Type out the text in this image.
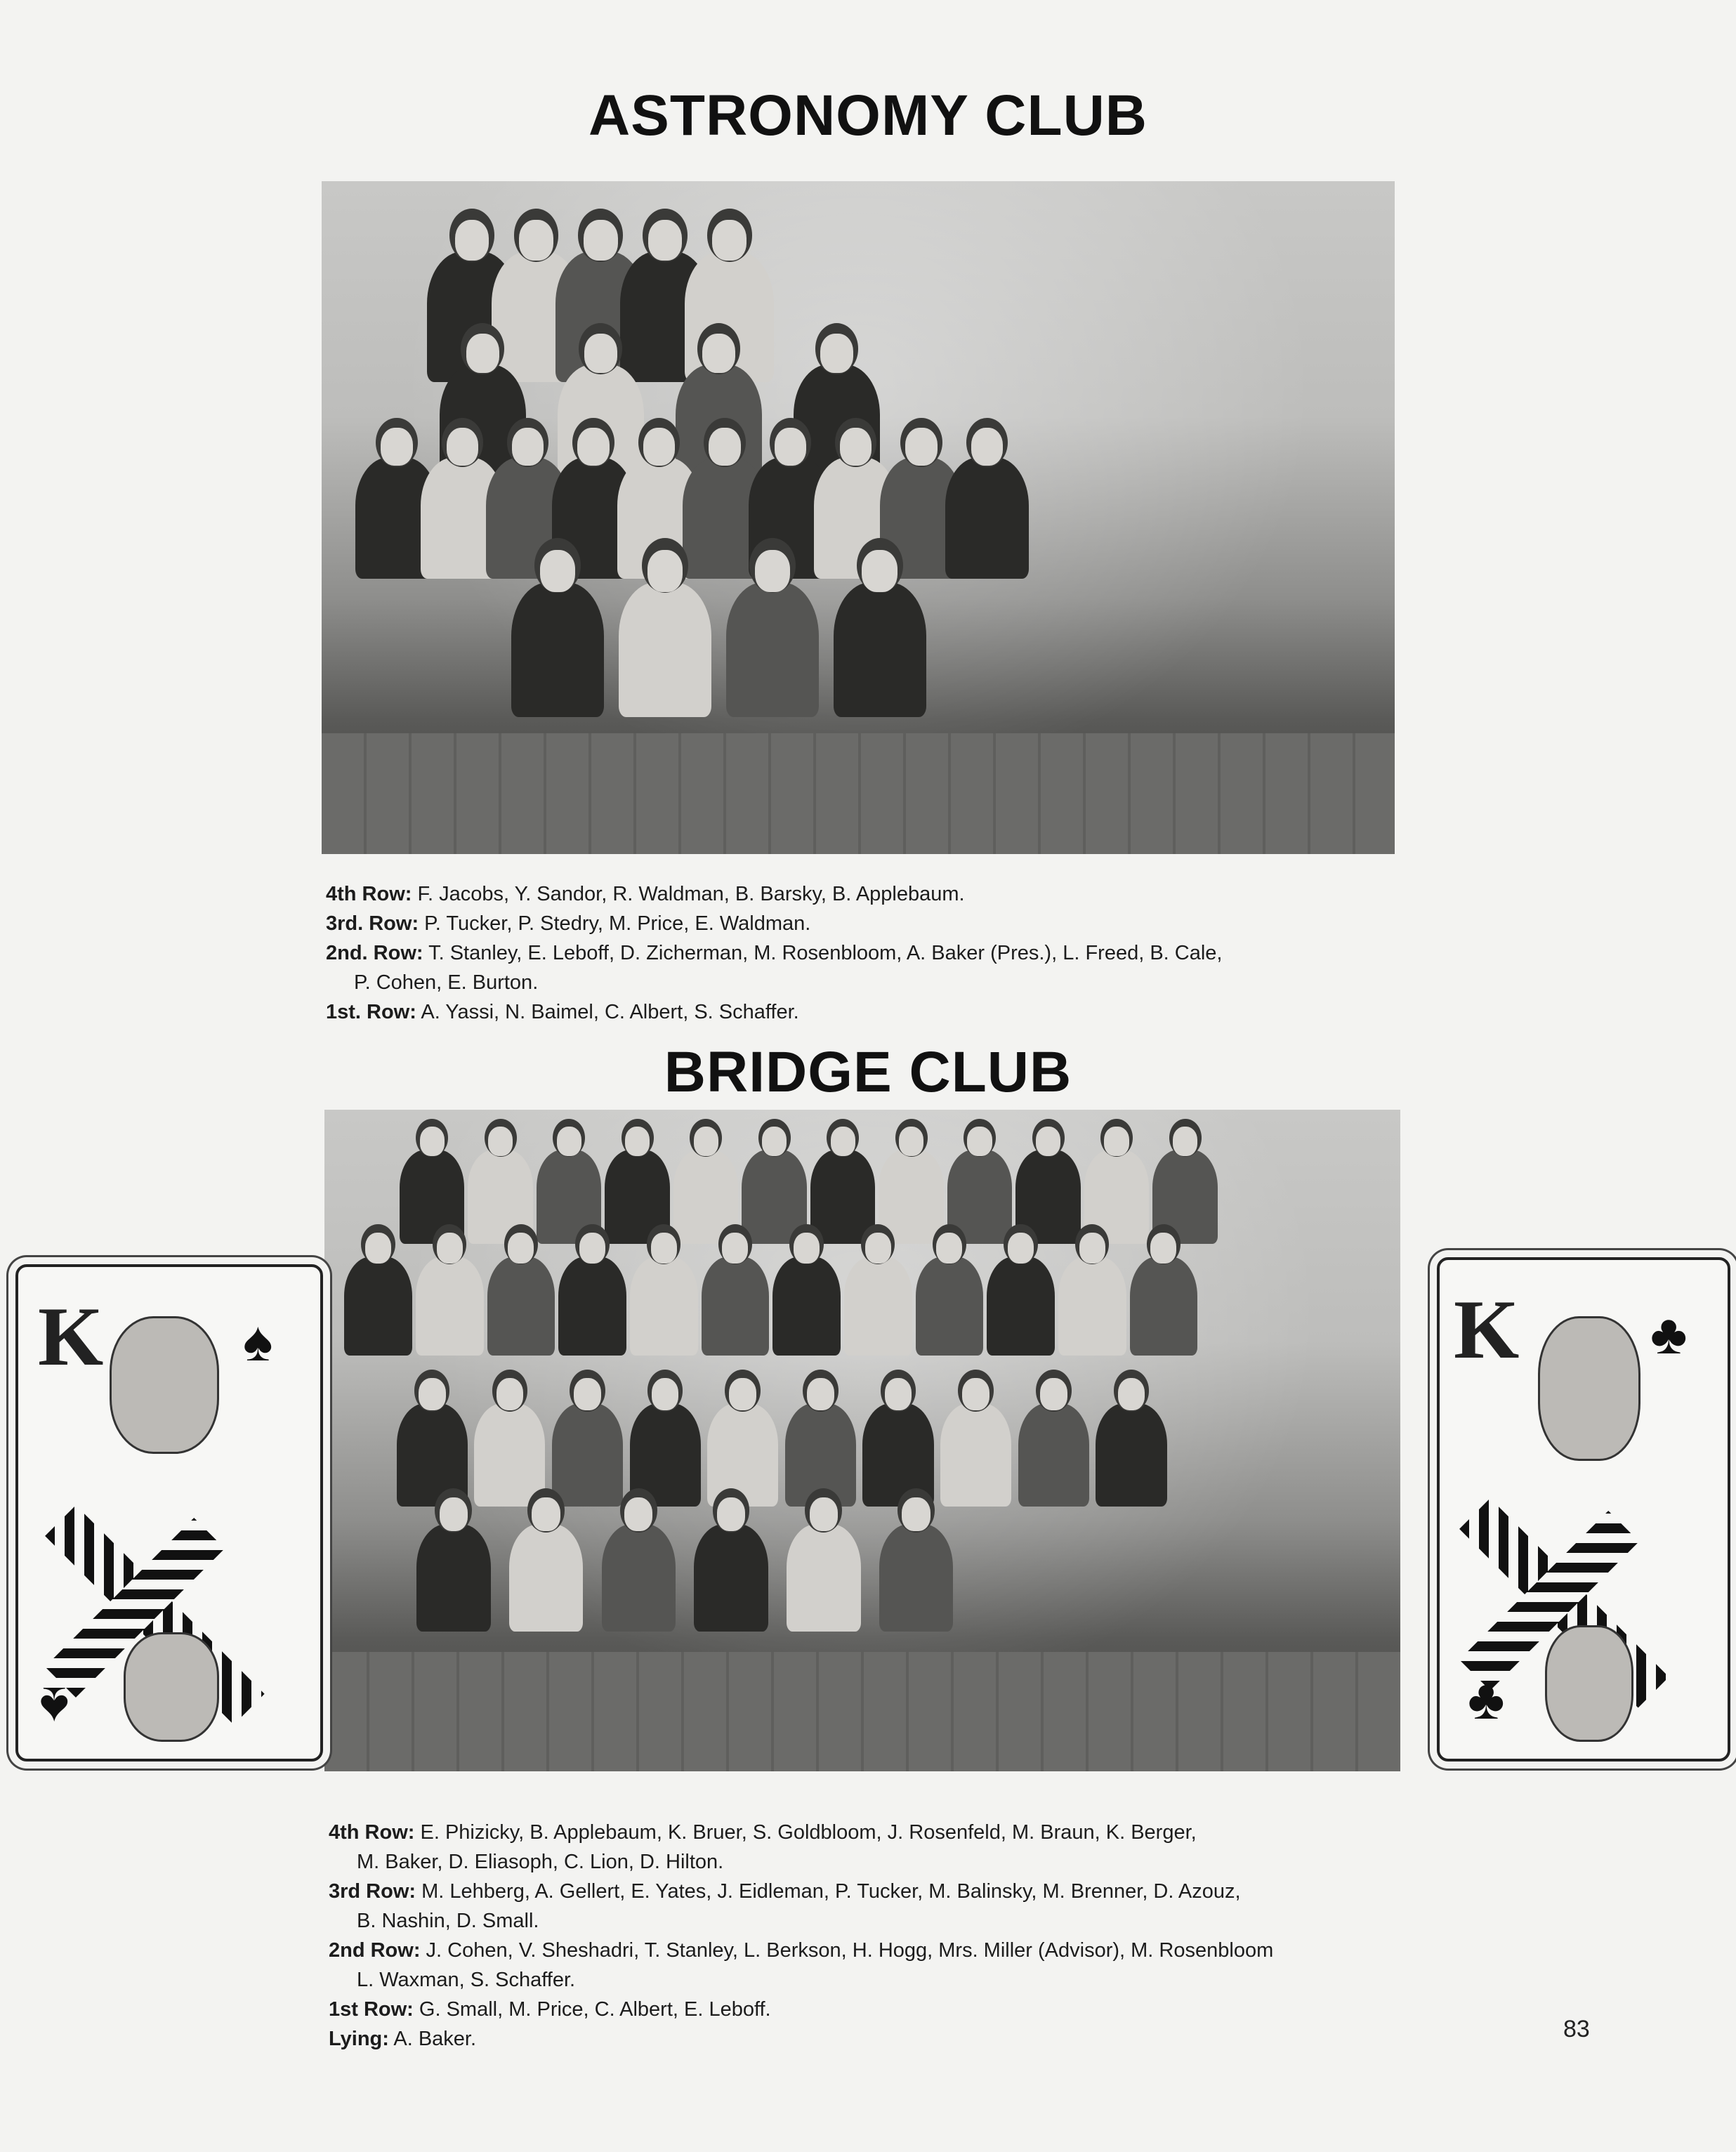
ASTRONOMY CLUB
4th Row: F. Jacobs, Y. Sandor, R. Waldman, B. Barsky, B. Applebaum.
3rd. Row: P. Tucker, P. Stedry, M. Price, E. Waldman.
2nd. Row: T. Stanley, E. Leboff, D. Zicherman, M. Rosenbloom, A. Baker (Pres.), L. Freed, B. Cale,
P. Cohen, E. Burton.
1st. Row: A. Yassi, N. Baimel, C. Albert, S. Schaffer.
BRIDGE CLUB
K ♠
♠
K ♣
♣
4th Row: E. Phizicky, B. Applebaum, K. Bruer, S. Goldbloom, J. Rosenfeld, M. Braun, K. Berger,
M. Baker, D. Eliasoph, C. Lion, D. Hilton.
3rd Row: M. Lehberg, A. Gellert, E. Yates, J. Eidleman, P. Tucker, M. Balinsky, M. Brenner, D. Azouz,
B. Nashin, D. Small.
2nd Row: J. Cohen, V. Sheshadri, T. Stanley, L. Berkson, H. Hogg, Mrs. Miller (Advisor), M. Rosenbloom
L. Waxman, S. Schaffer.
1st Row: G. Small, M. Price, C. Albert, E. Leboff.
Lying: A. Baker.	83
